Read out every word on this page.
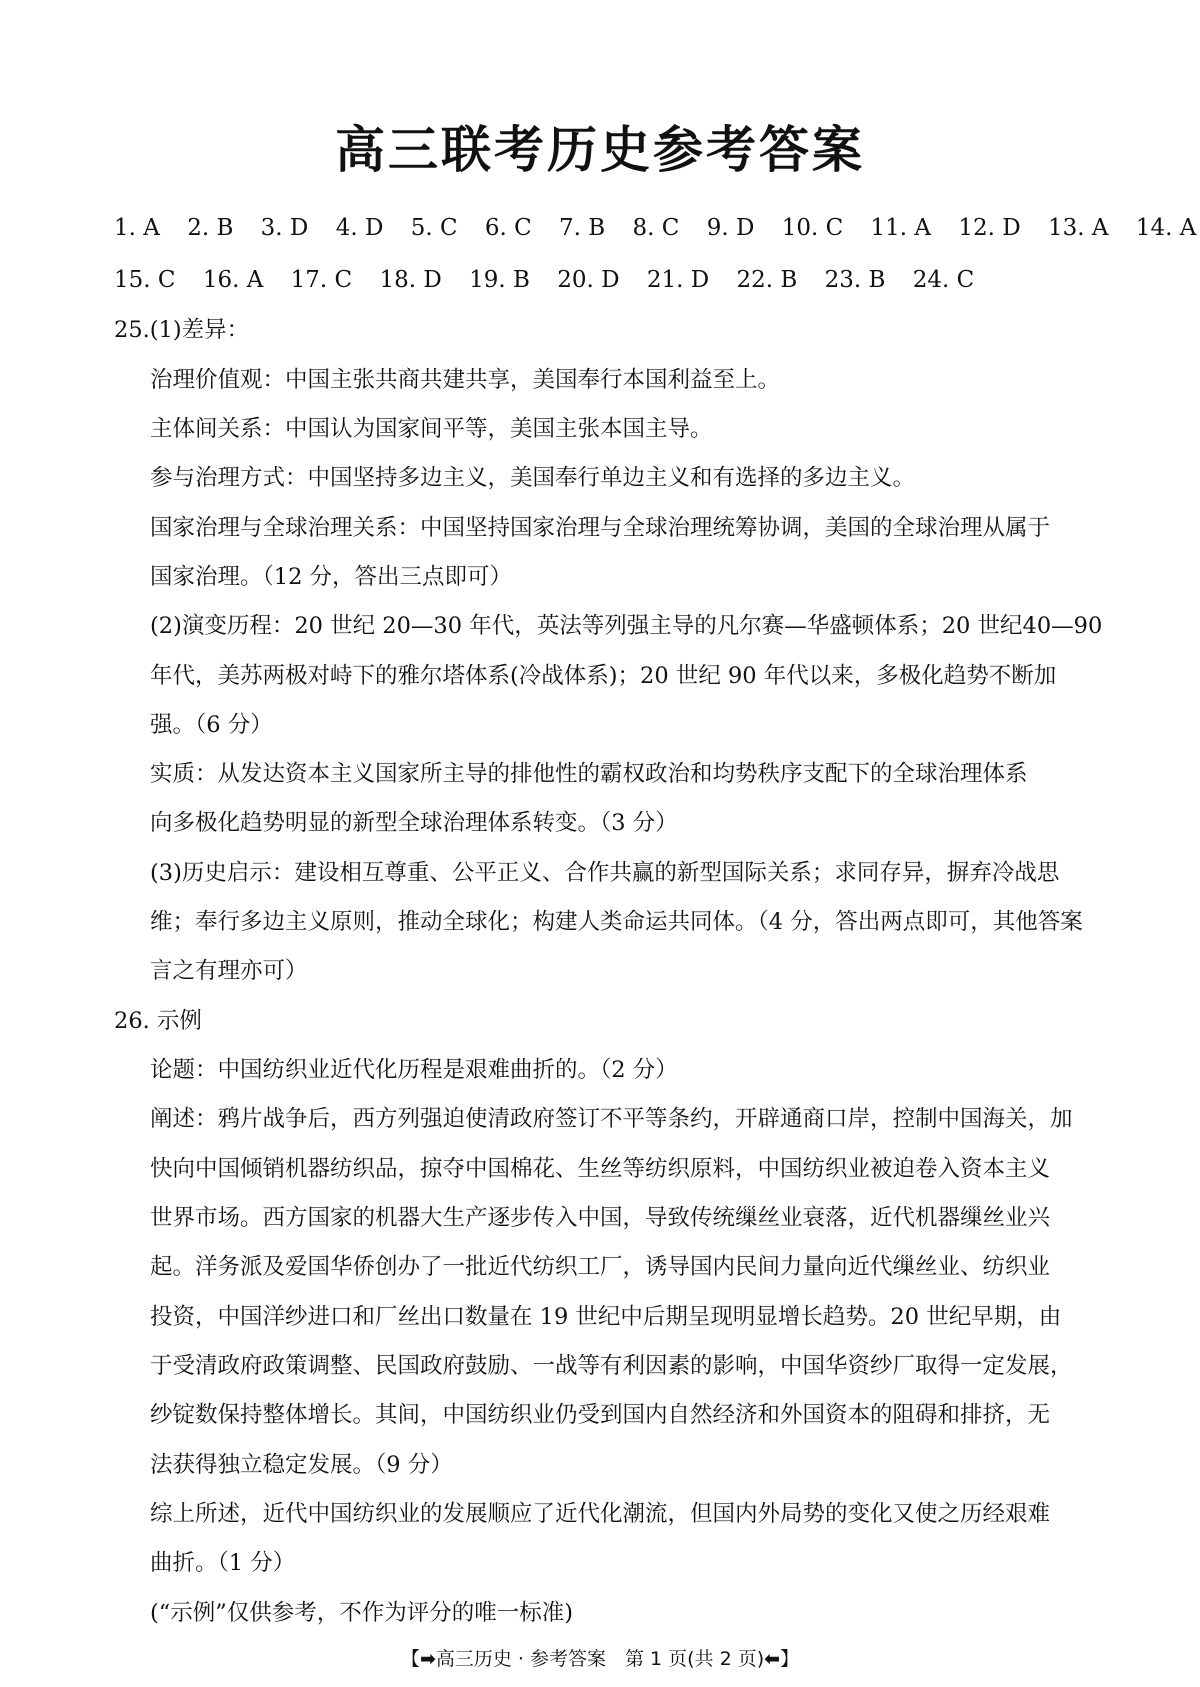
高三联考历史参考答案
1. A 2. B 3. D 4. D 5. C 6. C 7. B 8. C 9. D 10. C 11. A 12. D 13. A 14. A
15. C 16. A 17. C 18. D 19. B 20. D 21. D 22. B 23. B 24. C
25.(1)差异：
治理价值观：中国主张共商共建共享，美国奉行本国利益至上。
主体间关系：中国认为国家间平等，美国主张本国主导。
参与治理方式：中国坚持多边主义，美国奉行单边主义和有选择的多边主义。
国家治理与全球治理关系：中国坚持国家治理与全球治理统筹协调，美国的全球治理从属于
国家治理。（12 分，答出三点即可）
(2)演变历程：20 世纪 20—30 年代，英法等列强主导的凡尔赛—华盛顿体系；20 世纪40—90
年代，美苏两极对峙下的雅尔塔体系(冷战体系)；20 世纪 90 年代以来，多极化趋势不断加
强。（6 分）
实质：从发达资本主义国家所主导的排他性的霸权政治和均势秩序支配下的全球治理体系
向多极化趋势明显的新型全球治理体系转变。（3 分）
(3)历史启示：建设相互尊重、公平正义、合作共赢的新型国际关系；求同存异，摒弃冷战思
维；奉行多边主义原则，推动全球化；构建人类命运共同体。（4 分，答出两点即可，其他答案
言之有理亦可）
26. 示例
论题：中国纺织业近代化历程是艰难曲折的。（2 分）
阐述：鸦片战争后，西方列强迫使清政府签订不平等条约，开辟通商口岸，控制中国海关，加
快向中国倾销机器纺织品，掠夺中国棉花、生丝等纺织原料，中国纺织业被迫卷入资本主义
世界市场。西方国家的机器大生产逐步传入中国，导致传统缫丝业衰落，近代机器缫丝业兴
起。洋务派及爱国华侨创办了一批近代纺织工厂，诱导国内民间力量向近代缫丝业、纺织业
投资，中国洋纱进口和厂丝出口数量在 19 世纪中后期呈现明显增长趋势。20 世纪早期，由
于受清政府政策调整、民国政府鼓励、一战等有利因素的影响，中国华资纱厂取得一定发展，
纱锭数保持整体增长。其间，中国纺织业仍受到国内自然经济和外国资本的阻碍和排挤，无
法获得独立稳定发展。（9 分）
综上所述，近代中国纺织业的发展顺应了近代化潮流，但国内外局势的变化又使之历经艰难
曲折。（1 分）
(“示例”仅供参考，不作为评分的唯一标准)
【➡高三历史 · 参考答案　第 1 页(共 2 页)⬅】
